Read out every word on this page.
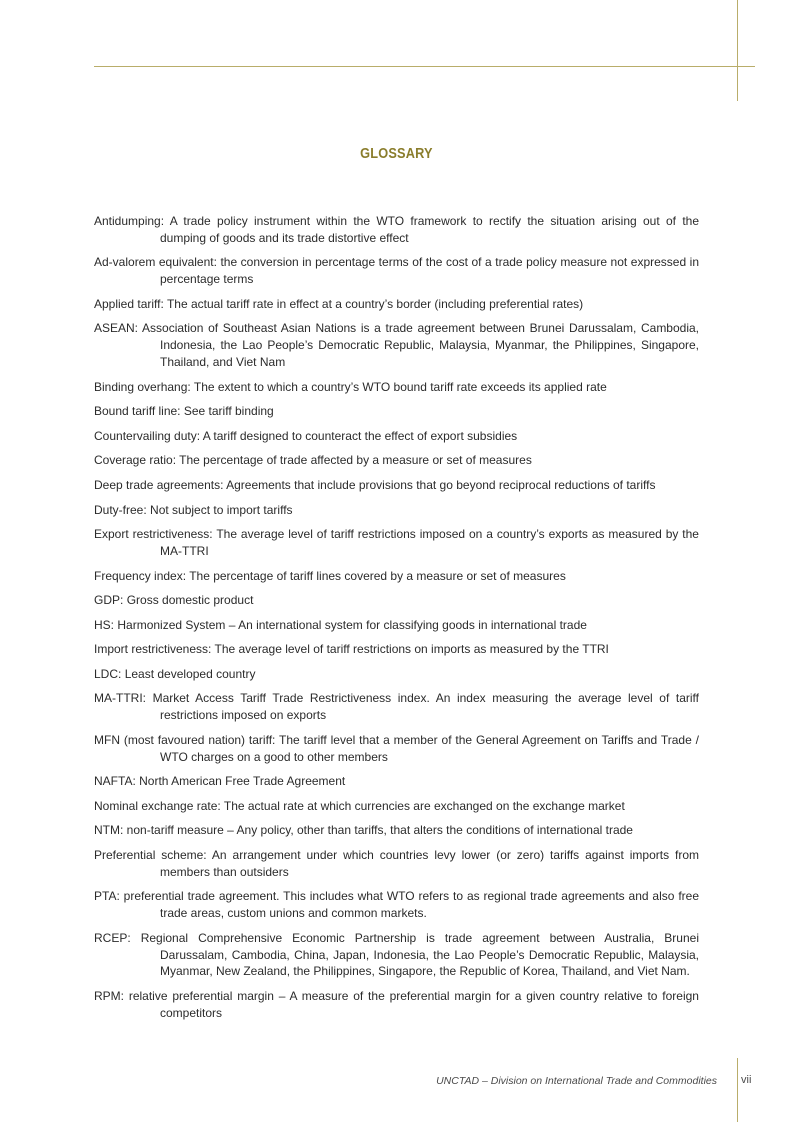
GLOSSARY

Antidumping: A trade policy instrument within the WTO framework to rectify the situation arising out of the dumping of goods and its trade distortive effect

Ad-valorem equivalent: the conversion in percentage terms of the cost of a trade policy measure not expressed in percentage terms

Applied tariff: The actual tariff rate in effect at a country’s border (including preferential rates)

ASEAN: Association of Southeast Asian Nations is a trade agreement between Brunei Darussalam, Cambodia, Indonesia, the Lao People’s Democratic Republic, Malaysia, Myanmar, the Philippines, Singapore, Thailand, and Viet Nam

Binding overhang: The extent to which a country’s WTO bound tariff rate exceeds its applied rate

Bound tariff line: See tariff binding

Countervailing duty: A tariff designed to counteract the effect of export subsidies

Coverage ratio: The percentage of trade affected by a measure or set of measures

Deep trade agreements: Agreements that include provisions that go beyond reciprocal reductions of tariffs

Duty-free: Not subject to import tariffs

Export restrictiveness: The average level of tariff restrictions imposed on a country’s exports as measured by the MA-TTRI

Frequency index: The percentage of tariff lines covered by a measure or set of measures

GDP: Gross domestic product

HS: Harmonized System – An international system for classifying goods in international trade

Import restrictiveness: The average level of tariff restrictions on imports as measured by the TTRI

LDC: Least developed country

MA-TTRI: Market Access Tariff Trade Restrictiveness index. An index measuring the average level of tariff restrictions imposed on exports

MFN (most favoured nation) tariff: The tariff level that a member of the General Agreement on Tariffs and Trade / WTO charges on a good to other members

NAFTA: North American Free Trade Agreement

Nominal exchange rate: The actual rate at which currencies are exchanged on the exchange market

NTM: non-tariff measure – Any policy, other than tariffs, that alters the conditions of international trade

Preferential scheme: An arrangement under which countries levy lower (or zero) tariffs against imports from members than outsiders

PTA: preferential trade agreement. This includes what WTO refers to as regional trade agreements and also free trade areas, custom unions and common markets.

RCEP: Regional Comprehensive Economic Partnership is trade agreement between Australia, Brunei Darussalam, Cambodia, China, Japan, Indonesia, the Lao People’s Democratic Republic, Malaysia, Myanmar, New Zealand, the Philippines, Singapore, the Republic of Korea, Thailand, and Viet Nam.

RPM: relative preferential margin – A measure of the preferential margin for a given country relative to foreign competitors

UNCTAD – Division on International Trade and Commodities vii
